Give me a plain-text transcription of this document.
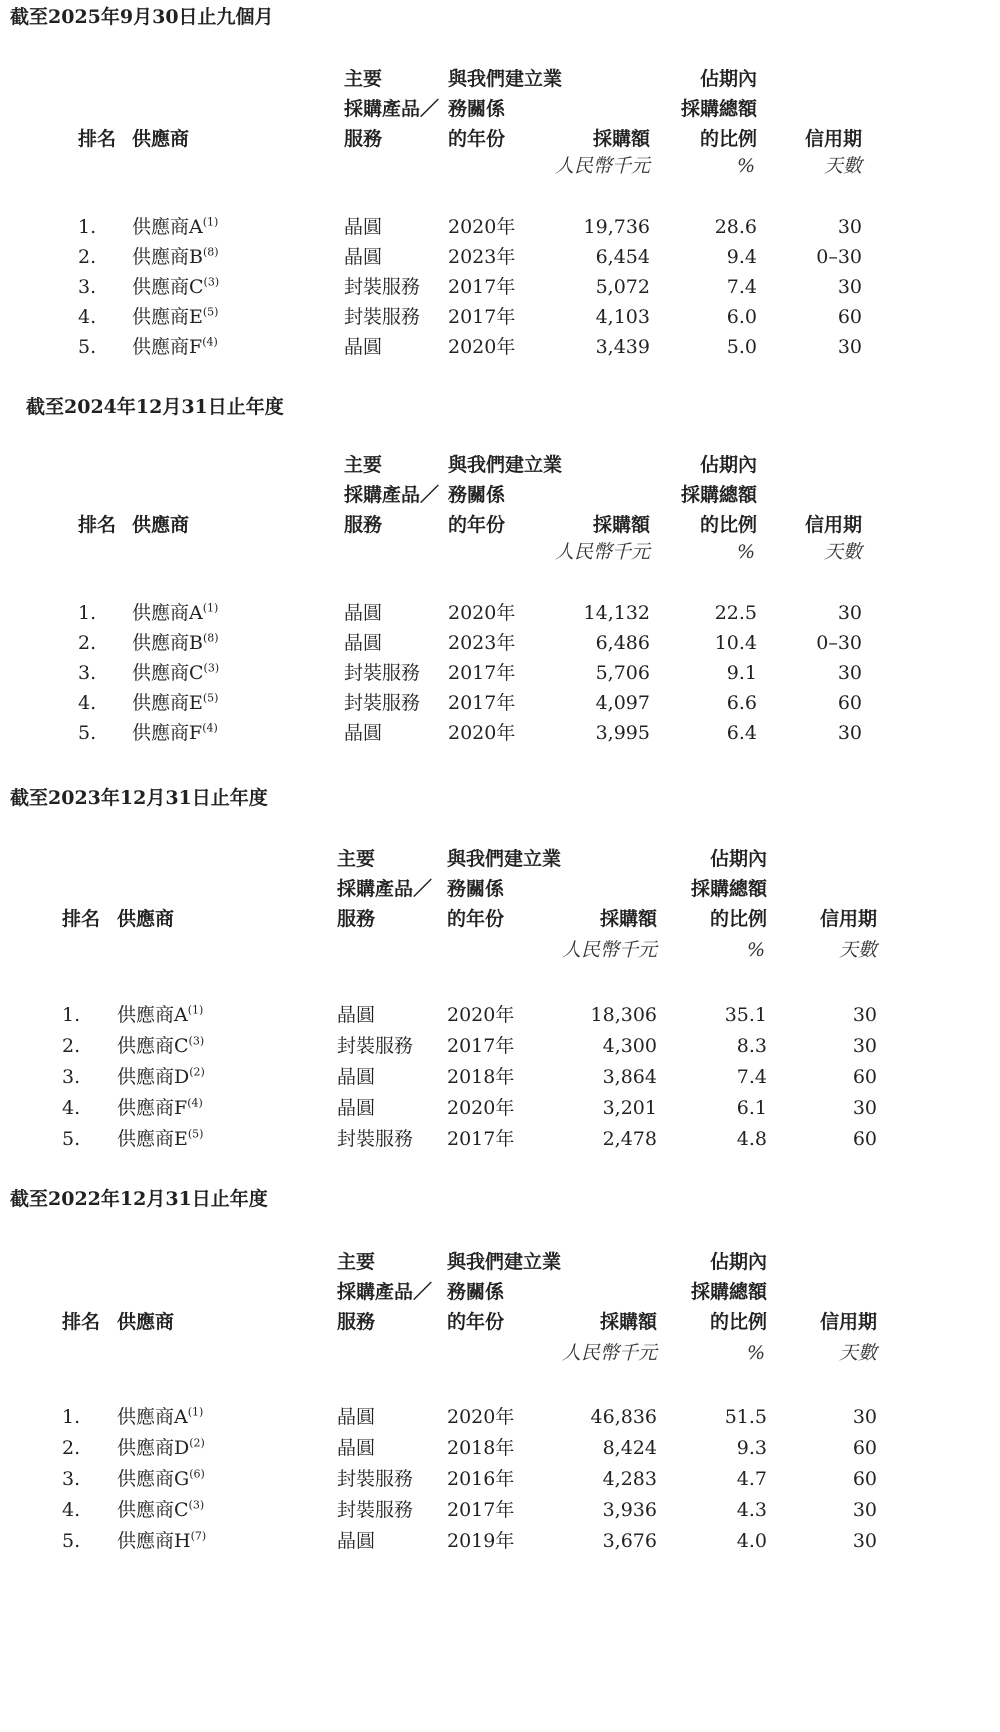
截至2025年9月30日止九個月
排名 供應商
主要
採購產品／
服務
與我們建立業
務關係
的年份	採購額
佔期內
採購總額
的比例	信用期
人民幣千元	%	天數
1. 供應商$A^{(1)}$	晶圓	2020年	19,736	28.6	30
2. 供應商$B^{(8)}$	晶圓	2023年	6,454	9.4	0–30
3. 供應商$C^{(3)}$	封裝服務 2017年	5,072	7.4	30
4. 供應商$E^{(5)}$	封裝服務 2017年	4,103	6.0	60
5. 供應商$F^{(4)}$	晶圓	2020年	3,439	5.0	30
截至2024年12月31日止年度
排名 供應商
主要
採購產品／
服務
與我們建立業
務關係
的年份	採購額
佔期內
採購總額
的比例	信用期
人民幣千元	%	天數
1. 供應商$A^{(1)}$	晶圓	2020年	14,132	22.5	30
2. 供應商$B^{(8)}$	晶圓	2023年	6,486	10.4	0–30
3. 供應商$C^{(3)}$	封裝服務 2017年	5,706	9.1	30
4. 供應商$E^{(5)}$	封裝服務 2017年	4,097	6.6	60
5. 供應商$F^{(4)}$	晶圓	2020年	3,995	6.4	30
截至2023年12月31日止年度
排名 供應商
主要
採購產品／
服務
與我們建立業
務關係
的年份	採購額
佔期內
採購總額
的比例	信用期
人民幣千元	%	天數
1. 供應商$A^{(1)}$	晶圓	2020年	18,306	35.1	30
2. 供應商$C^{(3)}$	封裝服務 2017年	4,300	8.3	30
3. 供應商$D^{(2)}$	晶圓	2018年	3,864	7.4	60
4. 供應商$F^{(4)}$	晶圓	2020年	3,201	6.1	30
5. 供應商$E^{(5)}$	封裝服務 2017年	2,478	4.8	60
截至2022年12月31日止年度
排名 供應商
主要
採購產品／
服務
與我們建立業
務關係
的年份	採購額
佔期內
採購總額
的比例	信用期
人民幣千元	%	天數
1. 供應商$A^{(1)}$	晶圓	2020年	46,836	51.5	30
2. 供應商$D^{(2)}$	晶圓	2018年	8,424	9.3	60
3. 供應商$G^{(6)}$	封裝服務 2016年	4,283	4.7	60
4. 供應商$C^{(3)}$	封裝服務 2017年	3,936	4.3	30
5. 供應商$H^{(7)}$	晶圓	2019年	3,676	4.0	30
